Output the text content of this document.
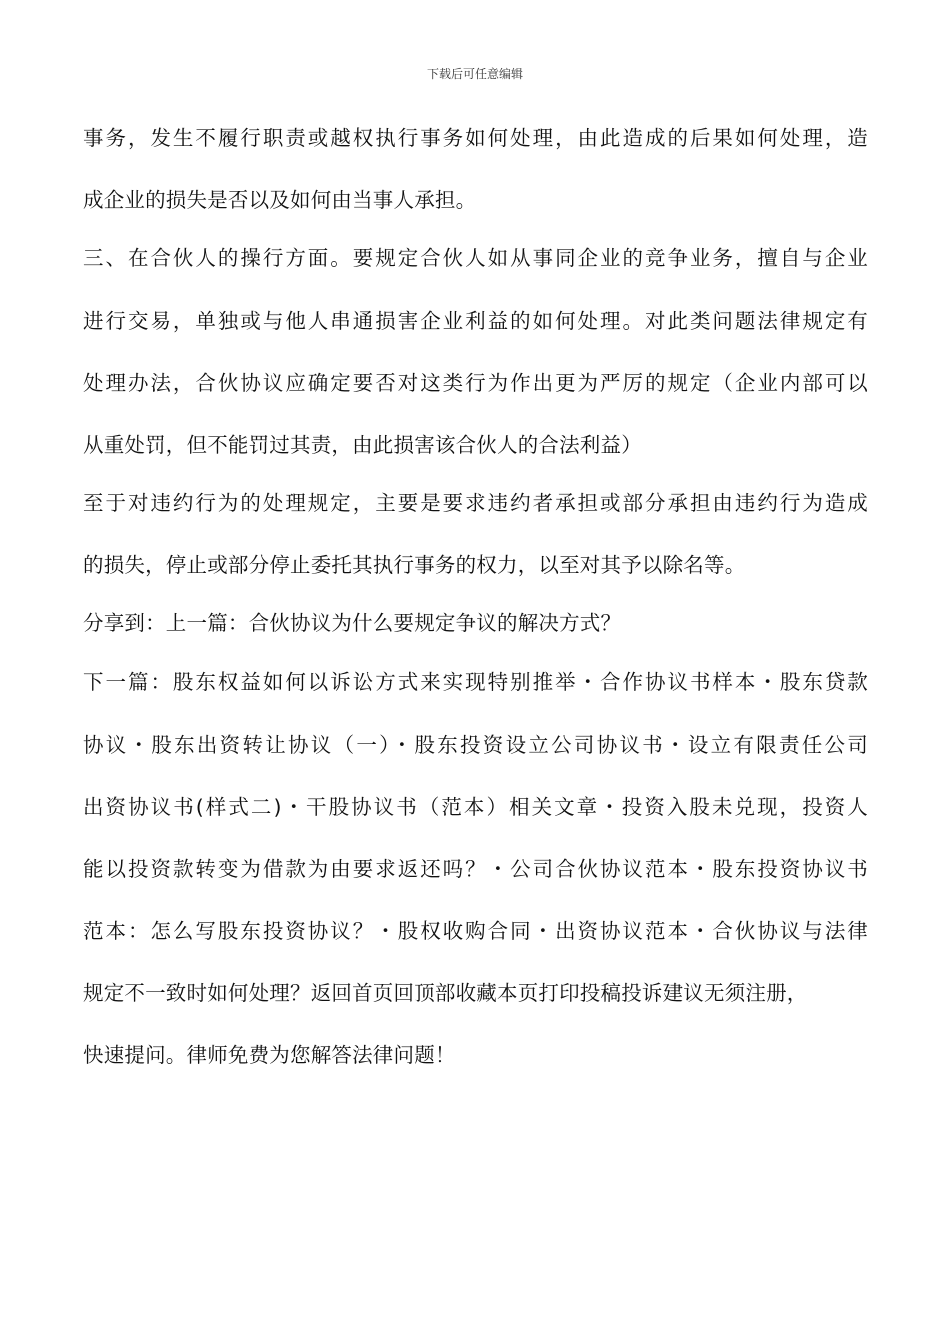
下载后可任意编辑
事务，发生不履行职责或越权执行事务如何处理，由此造成的后果如何处理，造
成企业的损失是否以及如何由当事人承担。
三、在合伙人的操行方面。要规定合伙人如从事同企业的竞争业务，擅自与企业
进行交易，单独或与他人串通损害企业利益的如何处理。对此类问题法律规定有
处理办法，合伙协议应确定要否对这类行为作出更为严厉的规定（企业内部可以
从重处罚，但不能罚过其责，由此损害该合伙人的合法利益）
至于对违约行为的处理规定，主要是要求违约者承担或部分承担由违约行为造成
的损失，停止或部分停止委托其执行事务的权力，以至对其予以除名等。
分享到：上一篇：合伙协议为什么要规定争议的解决方式？
下一篇：股东权益如何以诉讼方式来实现特别推举・合作协议书样本・股东贷款
协议・股东出资转让协议（一）・股东投资设立公司协议书・设立有限责任公司
出资协议书(样式二)・干股协议书（范本）相关文章・投资入股未兑现，投资人
能以投资款转变为借款为由要求返还吗？・公司合伙协议范本・股东投资协议书
范本：怎么写股东投资协议？・股权收购合同・出资协议范本・合伙协议与法律
规定不一致时如何处理？返回首页回顶部收藏本页打印投稿投诉建议无须注册，
快速提问。律师免费为您解答法律问题！
